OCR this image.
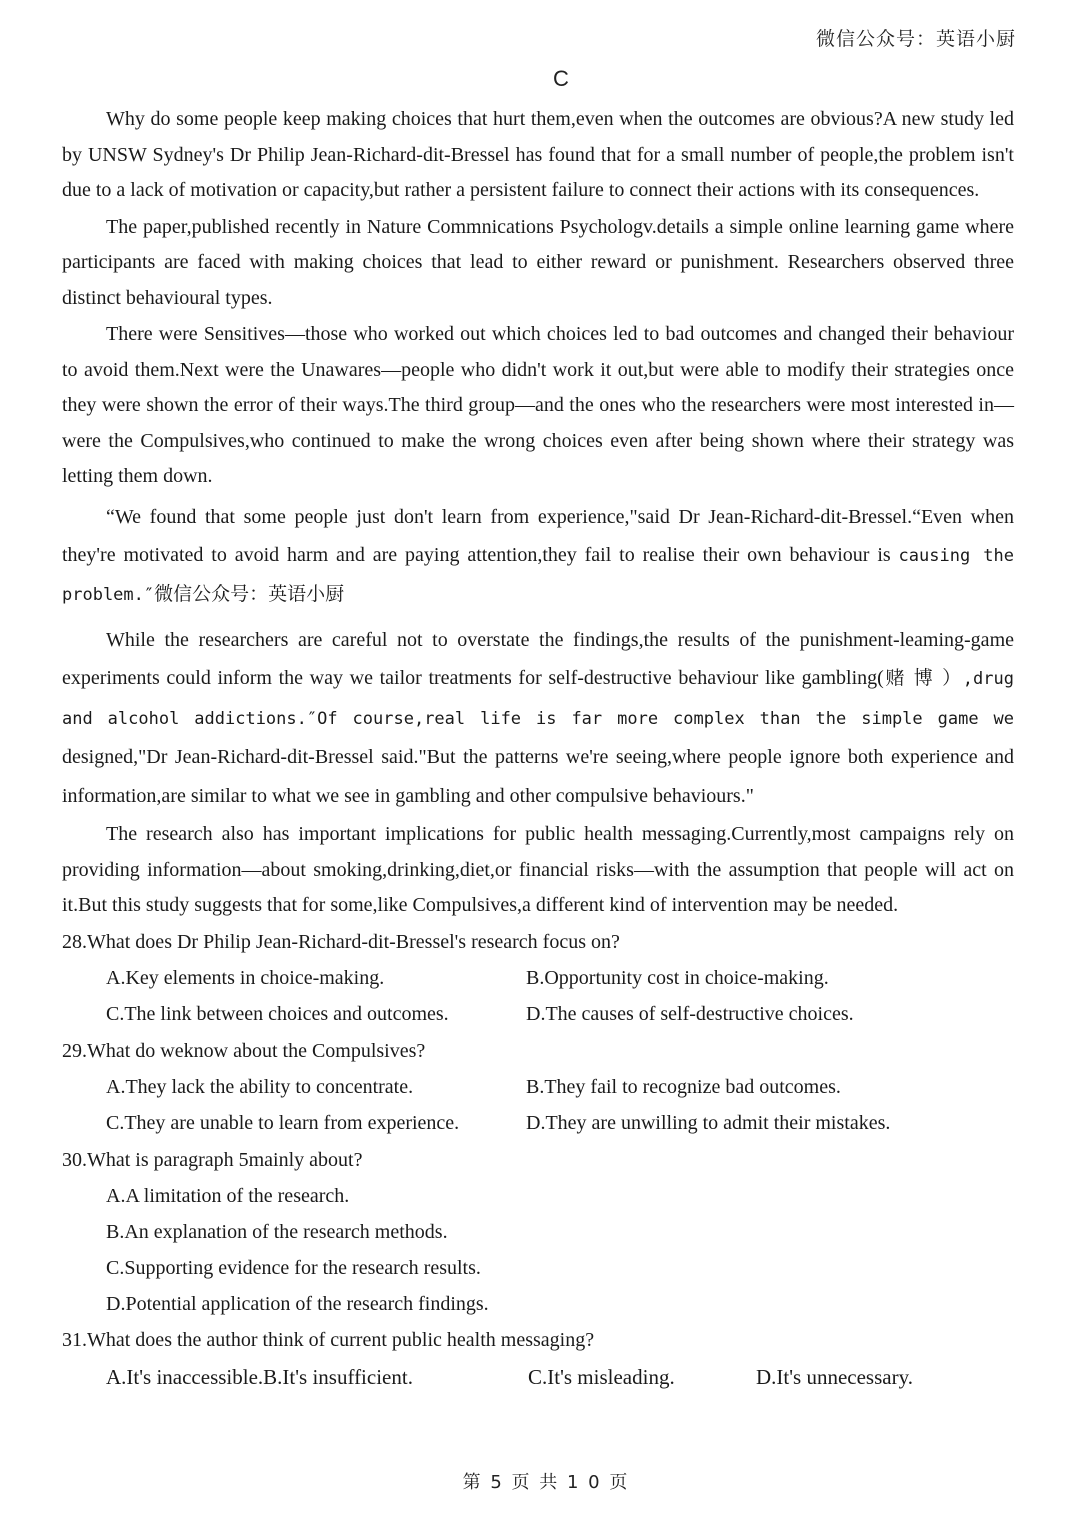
微信公众号：英语小厨
C

Why do some people keep making choices that hurt them,even when the outcomes are obvious?A new study led by UNSW Sydney's Dr Philip Jean-Richard-dit-Bressel has found that for a small number of people,the problem isn't due to a lack of motivation or capacity,but rather a persistent failure to connect their actions with its consequences.

The paper,published recently in Nature Commnications Psychologv.details a simple online learning game where participants are faced with making choices that lead to either reward or punishment. Researchers observed three distinct behavioural types.

There were Sensitives—those who worked out which choices led to bad outcomes and changed their behaviour to avoid them.Next were the Unawares—people who didn't work it out,but were able to modify their strategies once they were shown the error of their ways.The third group—and the ones who the researchers were most interested in—were the Compulsives,who continued to make the wrong choices even after being shown where their strategy was letting them down.

“We found that some people just don't learn from experience,"said Dr Jean-Richard-dit-Bressel.“Even when they're motivated to avoid harm and are paying attention,they fail to realise their own behaviour is causing the problem.″微信公众号：英语小厨

While the researchers are careful not to overstate the findings,the results of the punishment-leaming-game experiments could inform the way we tailor treatments for self-destructive behaviour like gambling(赌 博 ）,drug and alcohol addictions.″Of course,real life is far more complex than the simple game we designed,"Dr Jean-Richard-dit-Bressel said."But the patterns we're seeing,where people ignore both experience and information,are similar to what we see in gambling and other compulsive behaviours."

The research also has important implications for public health messaging.Currently,most campaigns rely on providing information—about smoking,drinking,diet,or financial risks—with the assumption that people will act on it.But this study suggests that for some,like Compulsives,a different kind of intervention may be needed.

28.What does Dr Philip Jean-Richard-dit-Bressel's research focus on?

A.Key elements in choice-making.	B.Opportunity cost in choice-making.
C.The link between choices and outcomes.	D.The causes of self-destructive choices.

29.What do weknow about the Compulsives?

A.They lack the ability to concentrate.	B.They fail to recognize bad outcomes.
C.They are unable to learn from experience.	D.They are unwilling to admit their mistakes.

30.What is paragraph 5mainly about?

A.A limitation of the research.
B.An explanation of the research methods.
C.Supporting evidence for the research results.
D.Potential application of the research findings.

31.What does the author think of current public health messaging?

A.It's inaccessible.B.It's insufficient.	C.It's misleading.	D.It's unnecessary.
第 5 页 共 1 0 页
